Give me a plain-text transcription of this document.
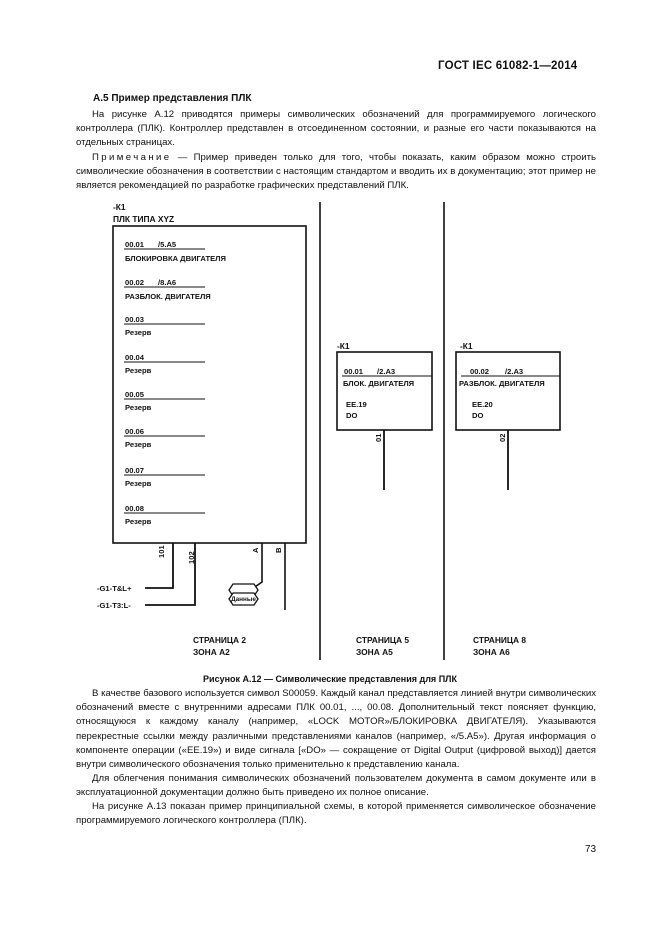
ГОСТ IEC 61082-1—2014
А.5 Пример представления ПЛК

На рисунке А.12 приводятся примеры символических обозначений для программируемого логического контроллера (ПЛК). Контроллер представлен в отсоединенном состоянии, и разные его части показываются на отдельных страницах.

Примечание — Пример приведен только для того, чтобы показать, каким образом можно строить символические обозначения в соответствии с настоящим стандартом и вводить их в документацию; этот пример не является рекомендацией по разработке графических представлений ПЛК.

-К1
ПЛК ТИПА XYZ
00.01 /5.А5
БЛОКИРОВКА ДВИГАТЕЛЯ
00.02 /8.А6
РАЗБЛОК. ДВИГАТЕЛЯ
00.03
Резерв
00.04
Резерв
00.05
Резерв
00.06
Резерв
00.07
Резерв
00.08
Резерв
101	102
A B
-G1-T&L+
-G1-T3:L-
Данные
СТРАНИЦА 2
ЗОНА А2
-К1
00.01 /2.А3
БЛОК. ДВИГАТЕЛЯ
ЕЕ.19
DO
01
СТРАНИЦА 5
ЗОНА А5
-К1
00.02 /2.А3
РАЗБЛОК. ДВИГАТЕЛЯ
ЕЕ.20
DO
02
СТРАНИЦА 8
ЗОНА А6
Рисунок А.12 — Символические представления для ПЛК

В качестве базового используется символ S00059. Каждый канал представляется линией внутри символических обозначений вместе с внутренними адресами ПЛК 00.01, ..., 00.08. Дополнительный текст поясняет функцию, относящуюся к каждому каналу (например, «LOCK MOTOR»/БЛОКИРОВКА ДВИГАТЕЛЯ). Указываются перекрестные ссылки между различными представлениями каналов (например, «/5.А5»). Другая информация о компоненте операции («ЕЕ.19») и виде сигнала [«DO» — сокращение от Digital Output (цифровой выход)] дается внутри символического обозначения только применительно к представлению канала.

Для облегчения понимания символических обозначений пользователем документа в самом документе или в эксплуатационной документации должно быть приведено их полное описание.

На рисунке А.13 показан пример принципиальной схемы, в которой применяется символическое обозначение программируемого логического контроллера (ПЛК).

73
